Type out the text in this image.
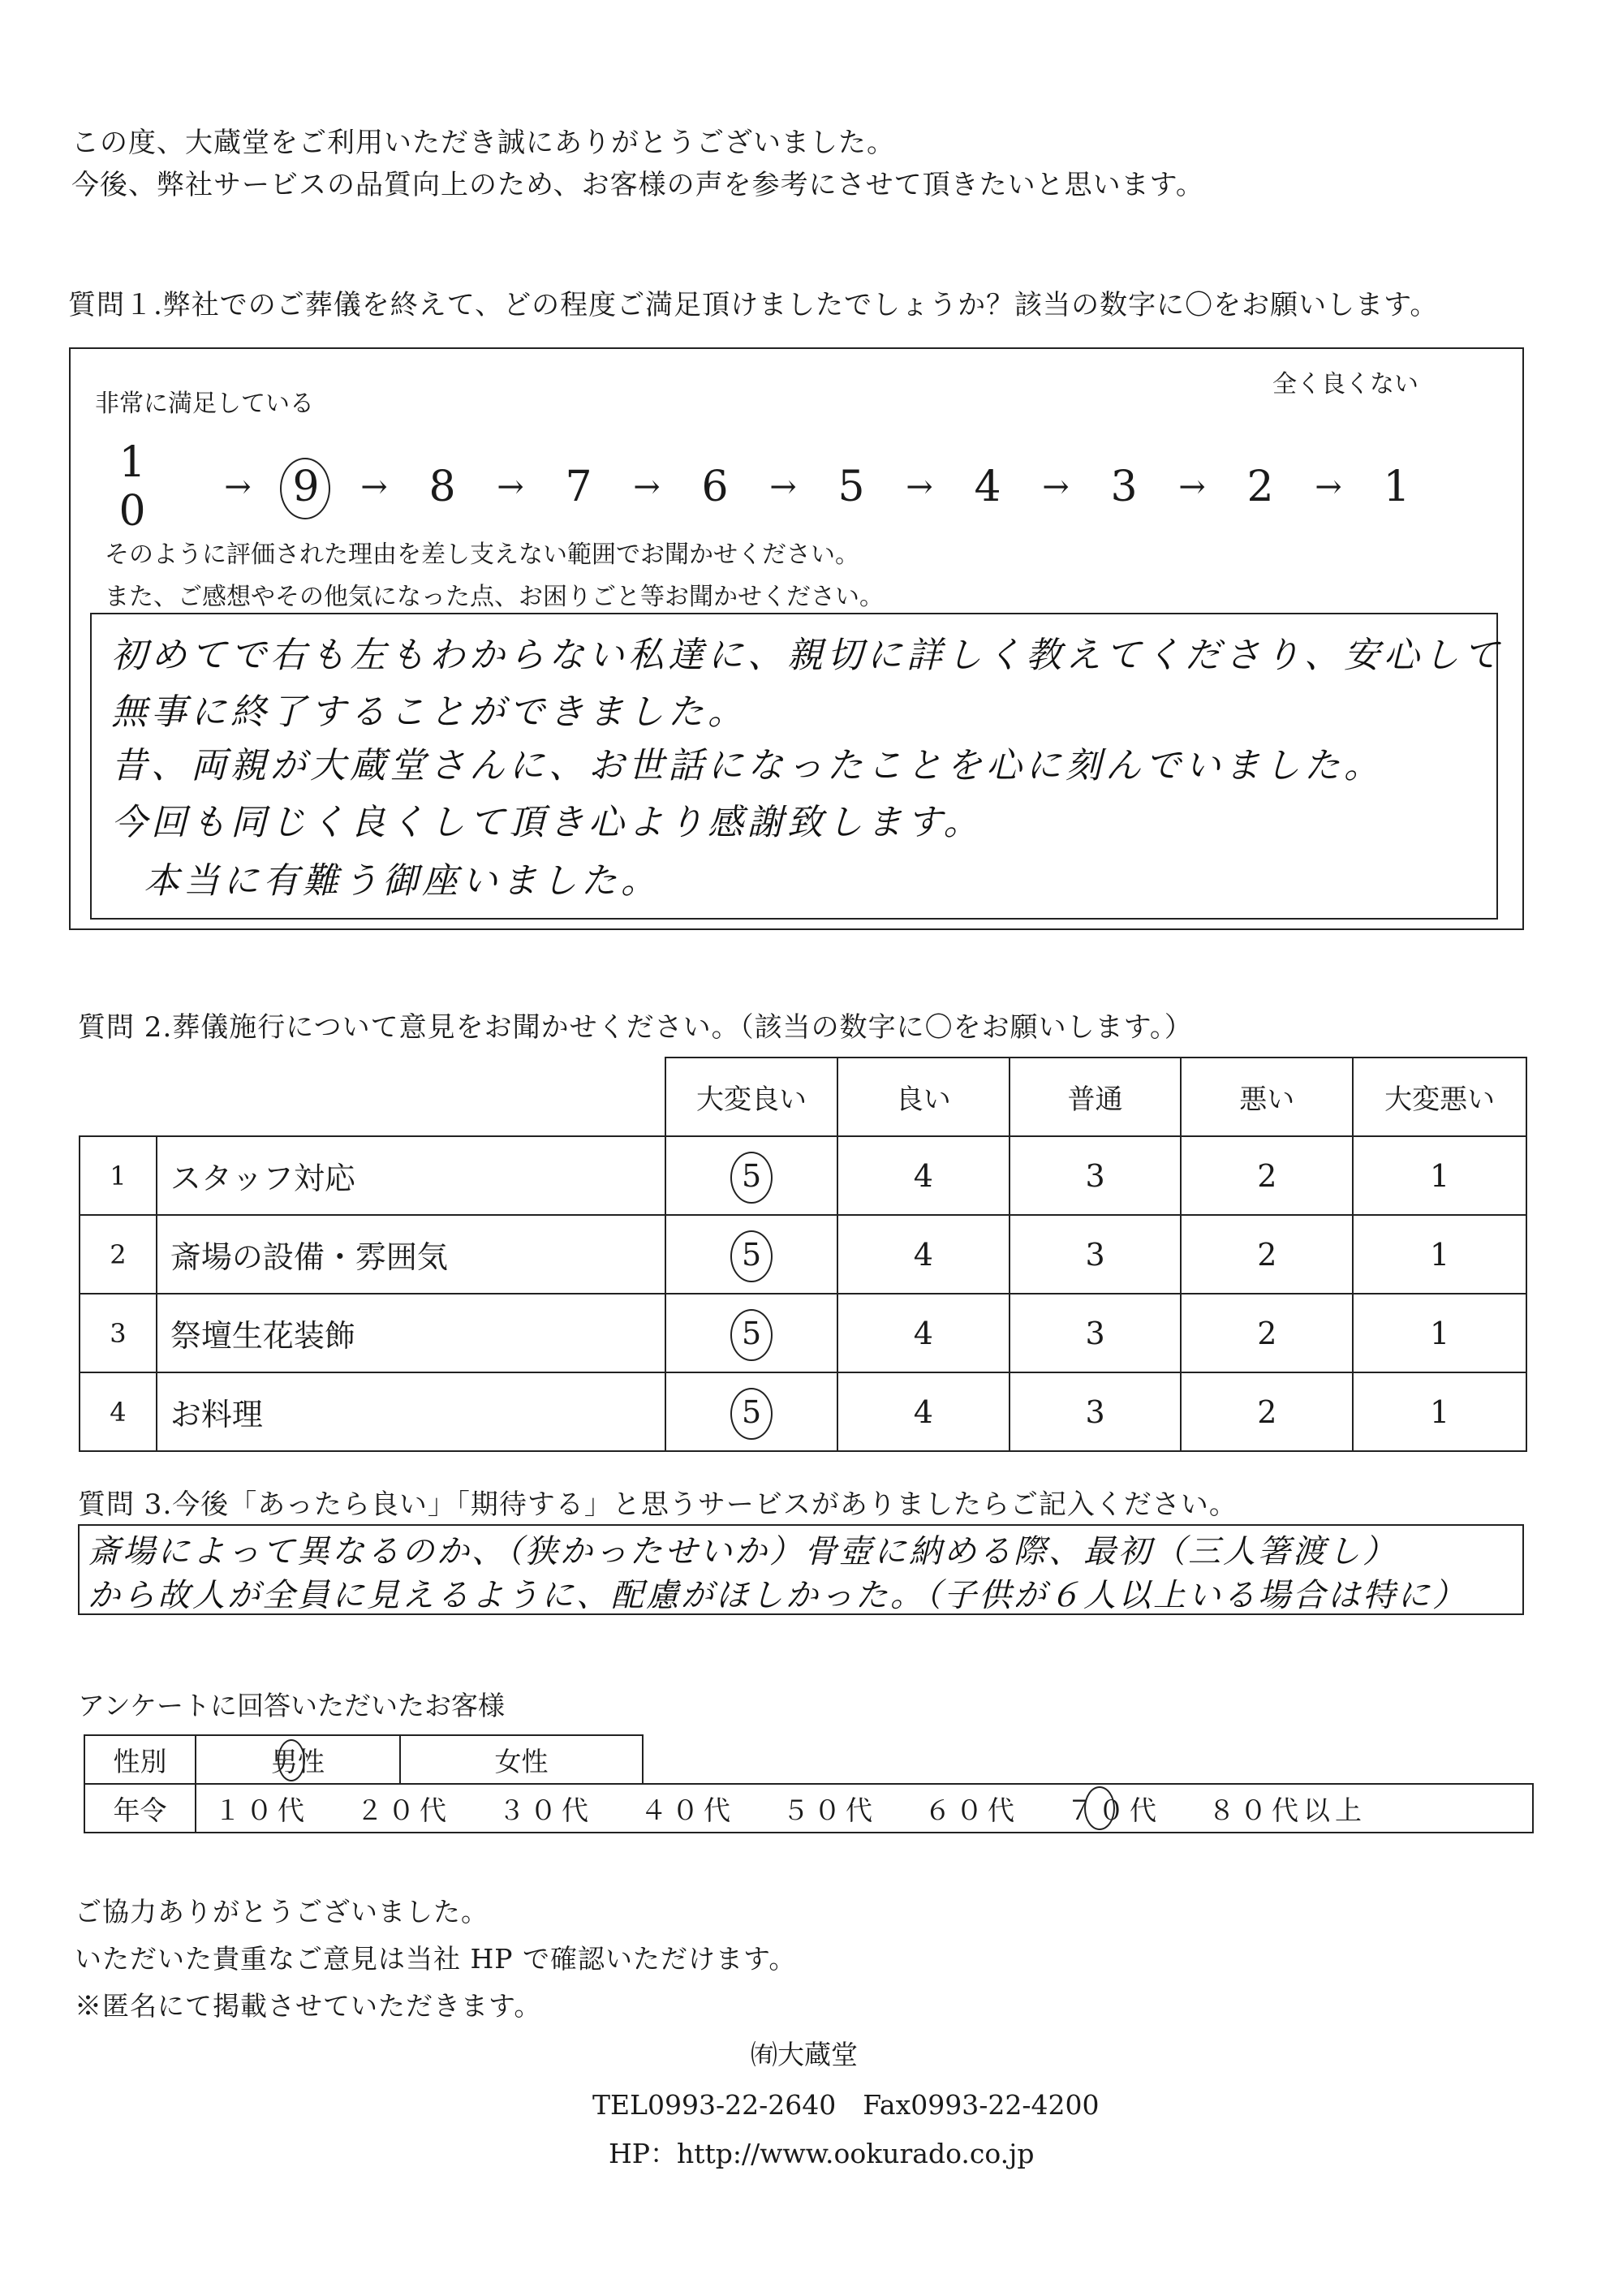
この度、大蔵堂をご利用いただき誠にありがとうございました。
今後、弊社サービスの品質向上のため、お客様の声を参考にさせて頂きたいと思います。
質問１.弊社でのご葬儀を終えて、どの程度ご満足頂けましたでしょうか？該当の数字に〇をお願いします。
非常に満足している
全く良くない
1 0	→ 9	→ 8	→ 7	→ 6	→ 5	→ 4	→ 3	→ 2	→ 1
そのように評価された理由を差し支えない範囲でお聞かせください。
また、ご感想やその他気になった点、お困りごと等お聞かせください。
初めてで右も左もわからない私達に、親切に詳しく教えてくださり、安心して
無事に終了することができました。
昔、両親が大蔵堂さんに、お世話になったことを心に刻んでいました。
今回も同じく良くして頂き心より感謝致します。
本当に有難う御座いました。
質問 2.葬儀施行について意見をお聞かせください。（該当の数字に〇をお願いします。）
		大変良い	良い	普通	悪い	大変悪い
1	スタッフ対応	5	4	3	2	1
2	斎場の設備・雰囲気	5	4	3	2	1
3	祭壇生花装飾	5	4	3	2	1
4	お料理	5	4	3	2	1
質問 3.今後「あったら良い」「期待する」と思うサービスがありましたらご記入ください。
斎場によって異なるのか、（狭かったせいか）骨壺に納める際、最初（三人箸渡し）
から故人が全員に見えるように、配慮がほしかった。（子供が６人以上いる場合は特に）
アンケートに回答いただいたお客様
性別	男性	女性
年令	１０代 ２０代 ３０代 ４０代 ５０代 ６０代 ７０代 ８０代以上
ご協力ありがとうございました。
いただいた貴重なご意見は当社 HP で確認いただけます。
※匿名にて掲載させていただきます。
㈲大蔵堂
TEL0993-22-2640　Fax0993-22-4200
HP：http://www.ookurado.co.jp
